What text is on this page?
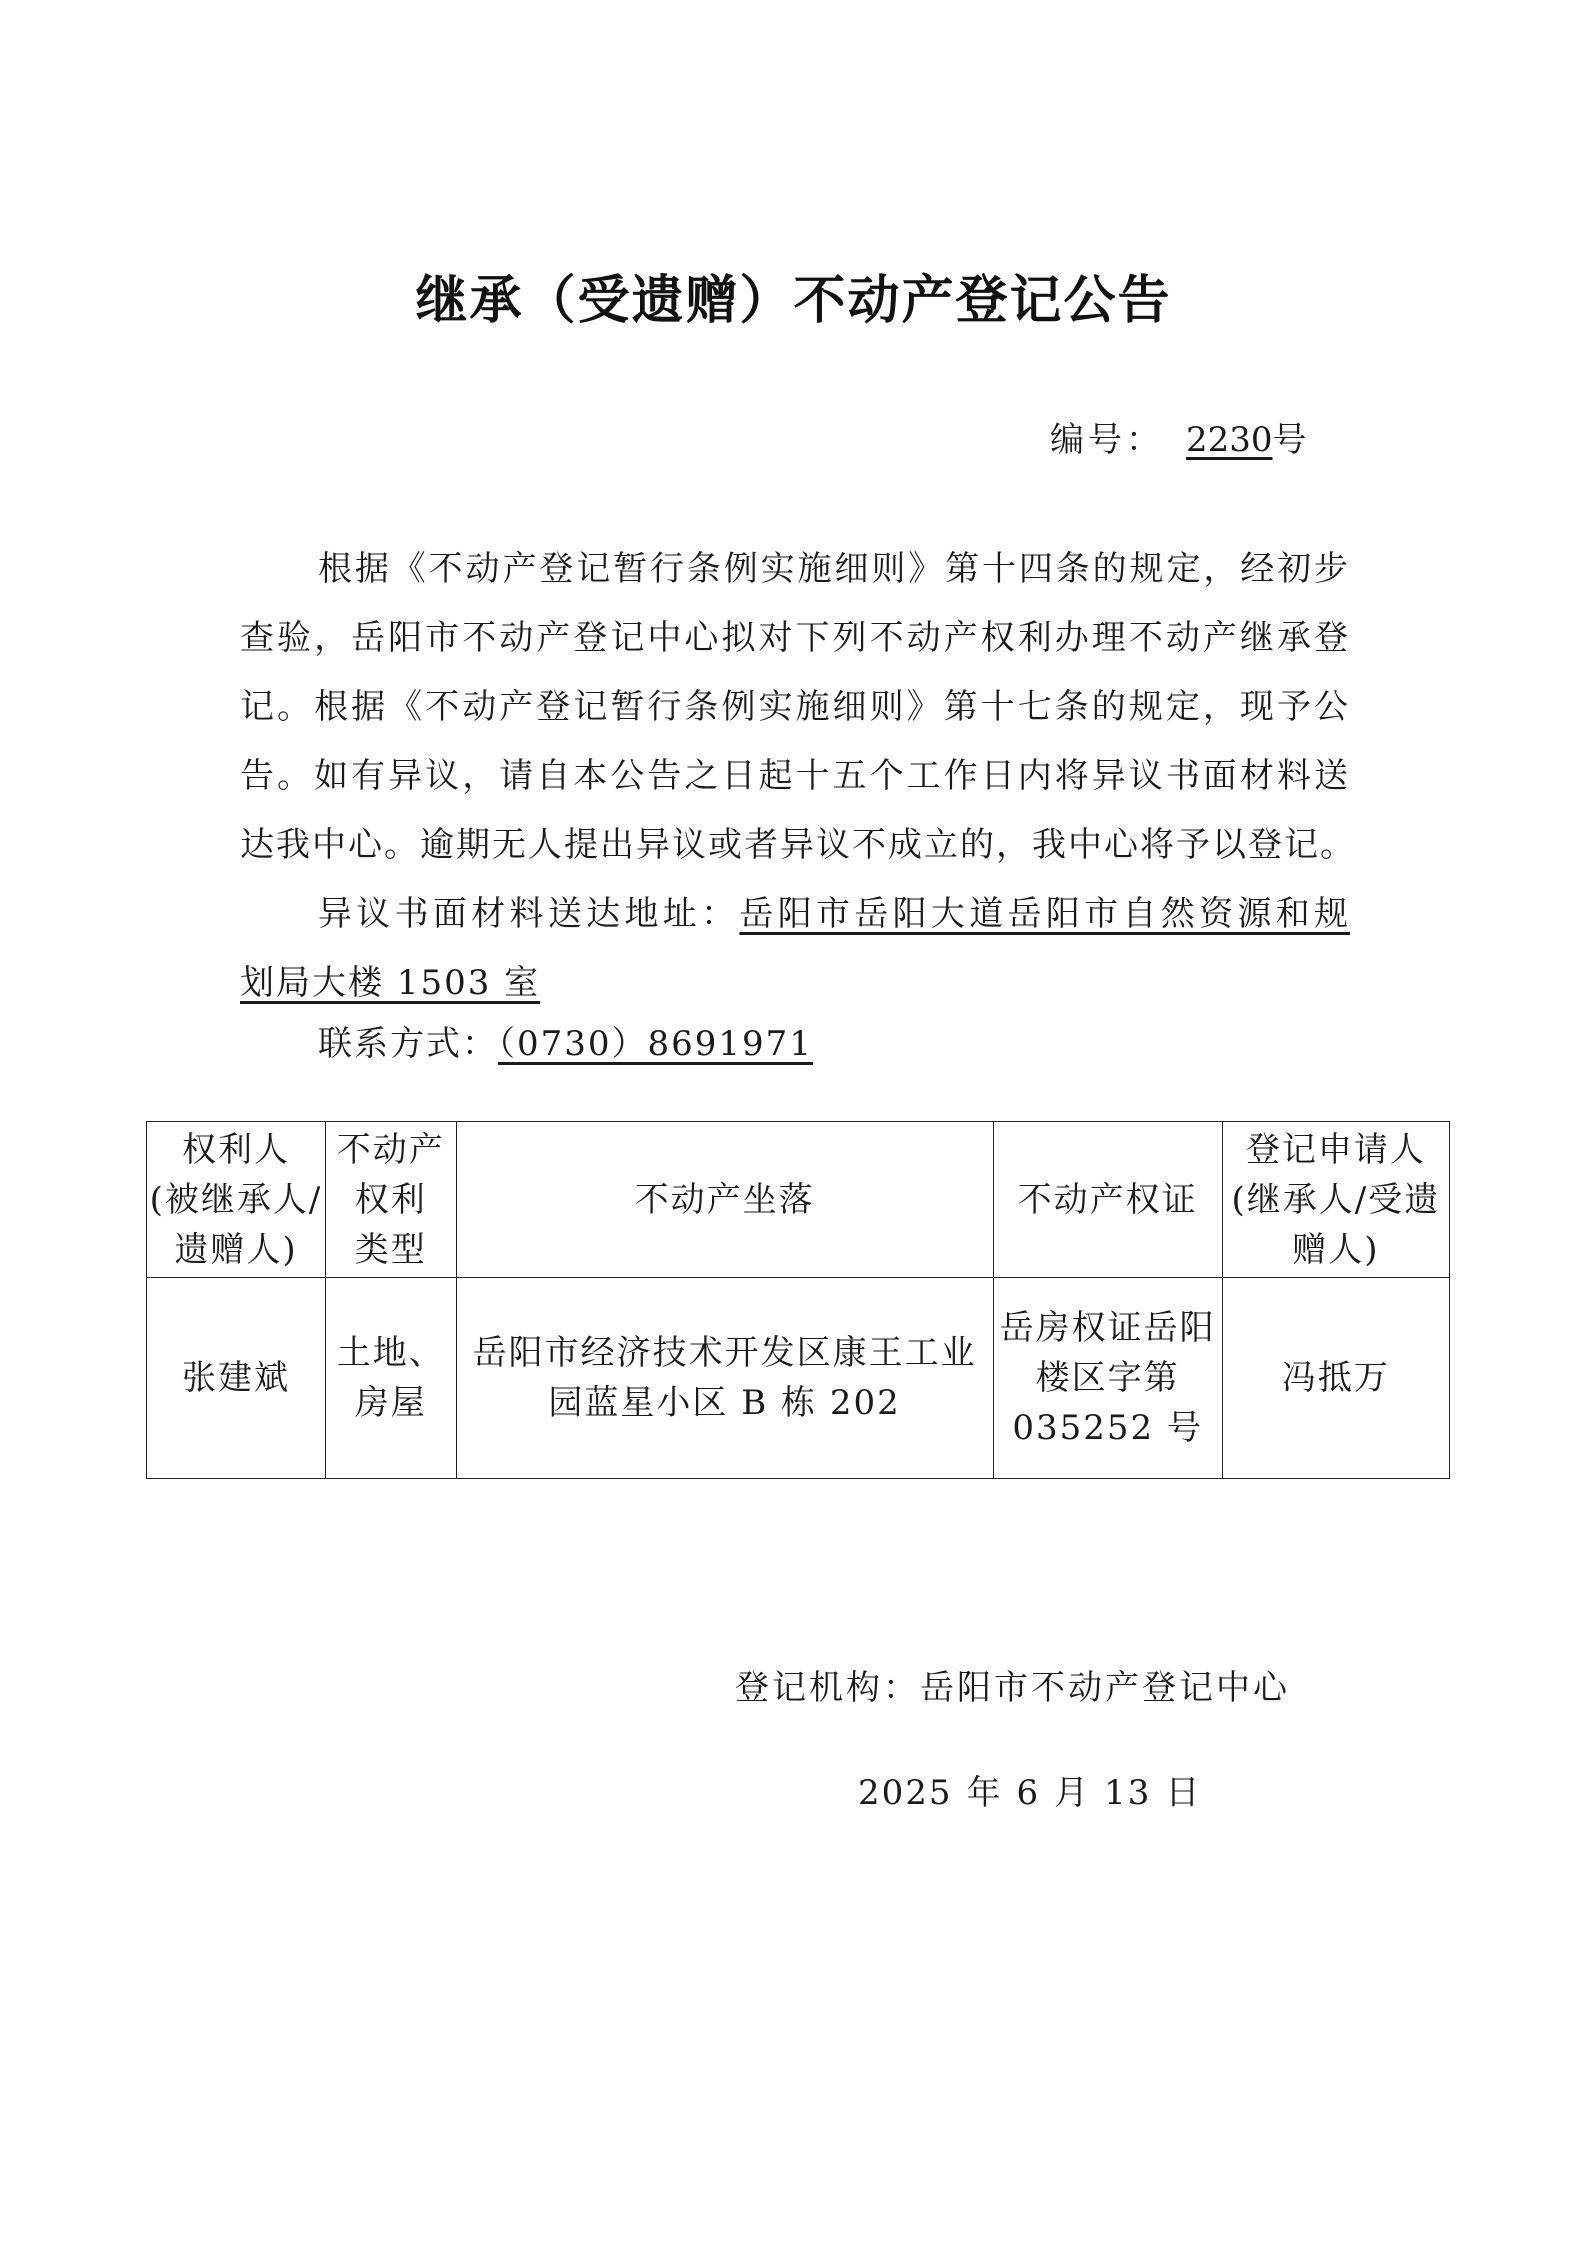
继承（受遗赠）不动产登记公告
编号： 2230号
根据《不动产登记暂行条例实施细则》第十四条的规定，经初步
查验，岳阳市不动产登记中心拟对下列不动产权利办理不动产继承登
记。根据《不动产登记暂行条例实施细则》第十七条的规定，现予公
告。如有异议，请自本公告之日起十五个工作日内将异议书面材料送
达我中心。逾期无人提出异议或者异议不成立的，我中心将予以登记。
异议书面材料送达地址：岳阳市岳阳大道岳阳市自然资源和规
划局大楼 1503 室
联系方式：（0730）8691971
权利人
(被继承人/
遗赠人)	不动产
权利
类型	不动产坐落	不动产权证	登记申请人
(继承人/受遗
赠人)
张建斌	土地、
房屋	岳阳市经济技术开发区康王工业
园蓝星小区 B 栋 202	岳房权证岳阳
楼区字第
035252 号	冯抵万
登记机构：岳阳市不动产登记中心
2025 年 6 月 13 日
